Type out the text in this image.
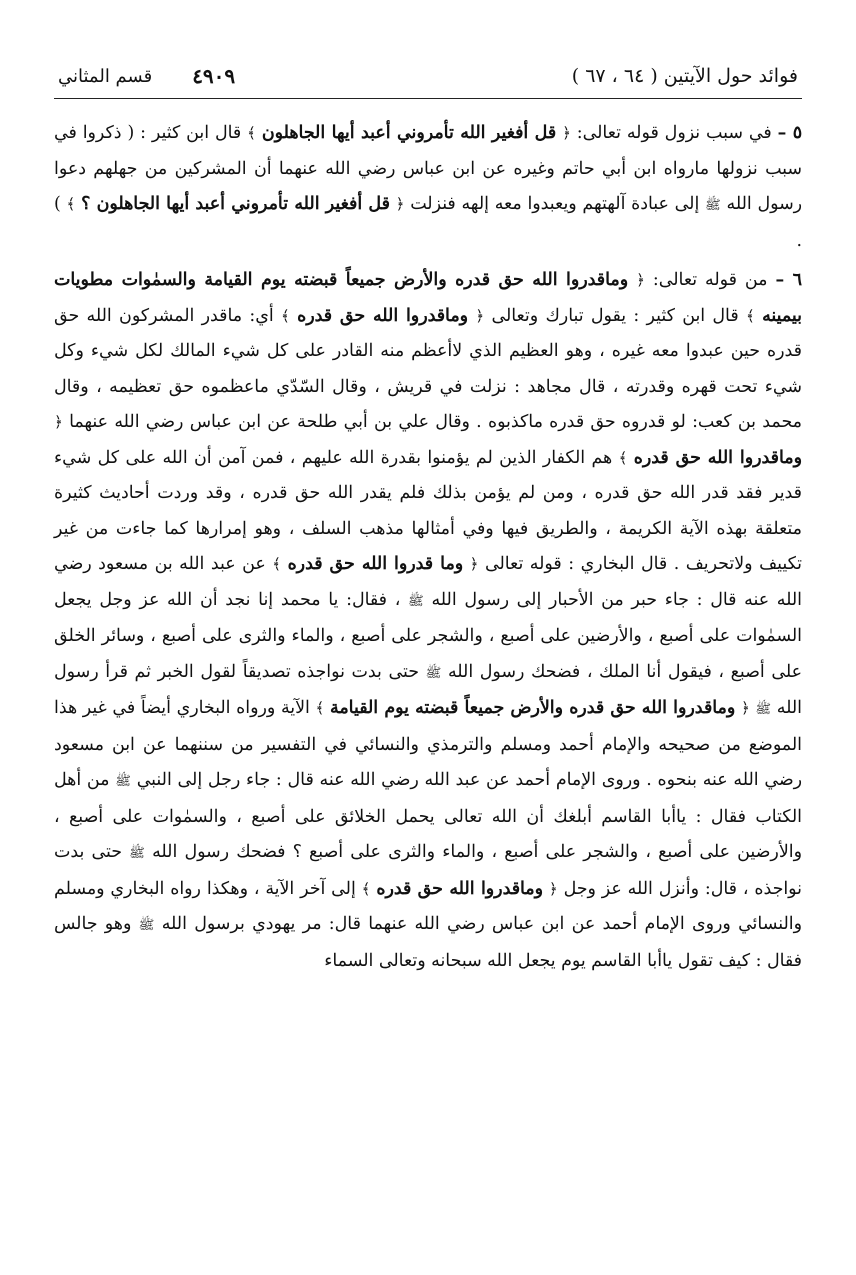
٤٩٠٩
قسم المثاني	فوائد حول الآيتين ( ٦٤ ، ٦٧ )

٥ – في سبب نزول قوله تعالى: ﴿ قل أفغير الله تأمروني أعبد أيها الجاهلون ﴾ قال ابن كثير : ( ذكروا في سبب نزولها مارواه ابن أبي حاتم وغيره عن ابن عباس رضي الله عنهما أن المشركين من جهلهم دعوا رسول الله ﷺ إلى عبادة آلهتهم ويعبدوا معه إلهه فنزلت ﴿ قل أفغير الله تأمروني أعبد أيها الجاهلون ؟ ﴾ ) .

٦ – من قوله تعالى: ﴿ وماقدروا الله حق قدره والأرض جميعاً قبضته يوم القيامة والسمٰوات مطويات بيمينه ﴾ قال ابن كثير : يقول تبارك وتعالى ﴿ وماقدروا الله حق قدره ﴾ أي: ماقدر المشركون الله حق قدره حين عبدوا معه غيره ، وهو العظيم الذي لاأعظم منه القادر على كل شيء المالك لكل شيء وكل شيء تحت قهره وقدرته ، قال مجاهد : نزلت في قريش ، وقال السّدّي ماعظموه حق تعظيمه ، وقال محمد بن كعب: لو قدروه حق قدره ماكذبوه . وقال علي بن أبي طلحة عن ابن عباس رضي الله عنهما ﴿ وماقدروا الله حق قدره ﴾ هم الكفار الذين لم يؤمنوا بقدرة الله عليهم ، فمن آمن أن الله على كل شيء قدير فقد قدر الله حق قدره ، ومن لم يؤمن بذلك فلم يقدر الله حق قدره ، وقد وردت أحاديث كثيرة متعلقة بهذه الآية الكريمة ، والطريق فيها وفي أمثالها مذهب السلف ، وهو إمرارها كما جاءت من غير تكييف ولاتحريف . قال البخاري : قوله تعالى ﴿ وما قدروا الله حق قدره ﴾ عن عبد الله بن مسعود رضي الله عنه قال : جاء حبر من الأحبار إلى رسول الله ﷺ ، فقال: يا محمد إنا نجد أن الله عز وجل يجعل السمٰوات على أصبع ، والأرضين على أصبع ، والشجر على أصبع ، والماء والثرى على أصبع ، وسائر الخلق على أصبع ، فيقول أنا الملك ، فضحك رسول الله ﷺ حتى بدت نواجذه تصديقاً لقول الخبر ثم قرأ رسول الله ﷺ ﴿ وماقدروا الله حق قدره والأرض جميعاً قبضته يوم القيامة ﴾ الآية ورواه البخاري أيضاً في غير هذا الموضع من صحيحه والإمام أحمد ومسلم والترمذي والنسائي في التفسير من سننهما عن ابن مسعود رضي الله عنه بنحوه . وروى الإمام أحمد عن عبد الله رضي الله عنه قال : جاء رجل إلى النبي ﷺ من أهل الكتاب فقال : ياأبا القاسم أبلغك أن الله تعالى يحمل الخلائق على أصبع ، والسمٰوات على أصبع ، والأرضين على أصبع ، والشجر على أصبع ، والماء والثرى على أصبع ؟ فضحك رسول الله ﷺ حتى بدت نواجذه ، قال: وأنزل الله عز وجل ﴿ وماقدروا الله حق قدره ﴾ إلى آخر الآية ، وهكذا رواه البخاري ومسلم والنسائي وروى الإمام أحمد عن ابن عباس رضي الله عنهما قال: مر يهودي برسول الله ﷺ وهو جالس فقال : كيف تقول ياأبا القاسم يوم يجعل الله سبحانه وتعالى السماء
